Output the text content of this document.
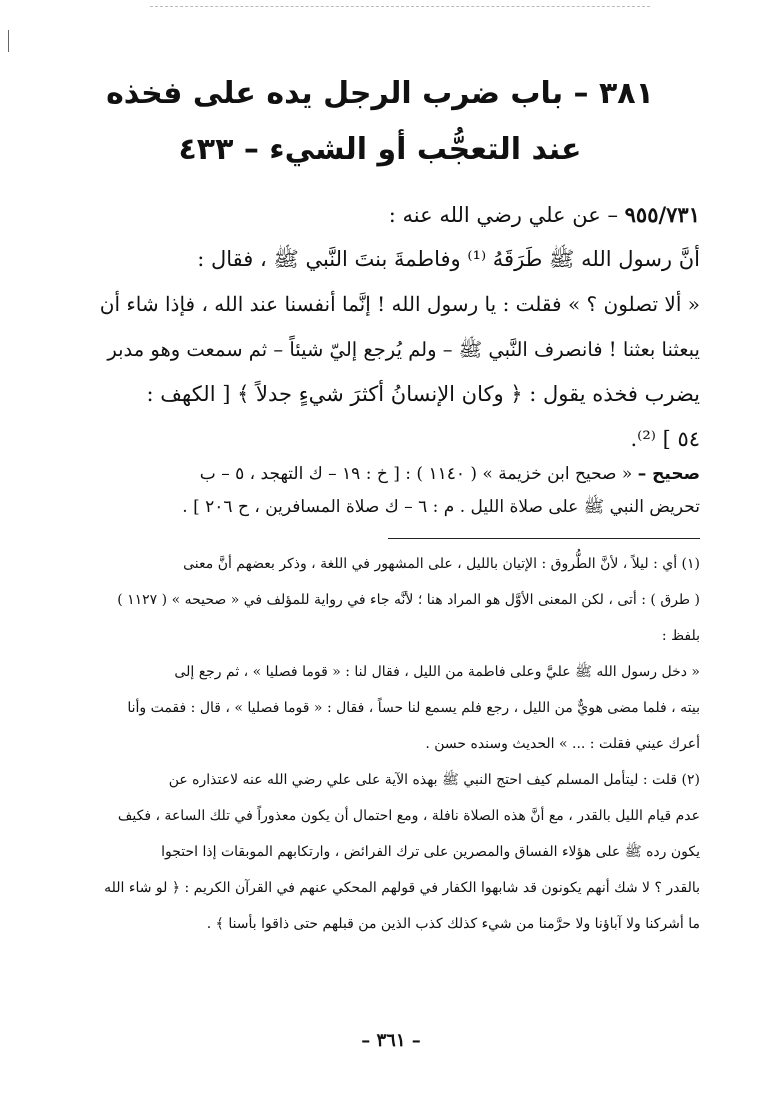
٣٨١ – باب ضرب الرجل يده على فخذه
عند التعجُّب أو الشيء – ٤٣٣
٩٥٥/٧٣١ – عن علي رضي الله عنه :
أنَّ رسول الله ﷺ طَرَقَهُ ⁽¹⁾ وفاطمةَ بنتَ النَّبي ﷺ ، فقال :
« ألا تصلون ؟ » فقلت : يا رسول الله ! إنَّما أنفسنا عند الله ، فإذا شاء أن
يبعثنا بعثنا ! فانصرف النَّبي ﷺ – ولم يُرجع إليّ شيئاً – ثم سمعت وهو مدبر
يضرب فخذه يقول : ﴿ وكان الإنسانُ أكثرَ شيءٍ جدلاً ﴾ [ الكهف :
٥٤ ] ⁽²⁾.
صحيح – « صحيح ابن خزيمة » ( ١١٤٠ ) : [ خ : ١٩ – ك التهجد ، ٥ – ب
تحريض النبي ﷺ على صلاة الليل . م : ٦ – ك صلاة المسافرين ، ح ٢٠٦ ] .
(١) أي : ليلاً ، لأنَّ الطُّروق : الإتيان بالليل ، على المشهور في اللغة ، وذكر بعضهم أنَّ معنى
( طرق ) : أتى ، لكن المعنى الأوَّل هو المراد هنا ؛ لأنَّه جاء في رواية للمؤلف في « صحيحه » ( ١١٢٧ )
بلفظ :
« دخل رسول الله ﷺ عليَّ وعلى فاطمة من الليل ، فقال لنا : « قوما فصليا » ، ثم رجع إلى
بيته ، فلما مضى هويٌّ من الليل ، رجع فلم يسمع لنا حساً ، فقال : « قوما فصليا » ، قال : فقمت وأنا
أعرك عيني فقلت : ... » الحديث وسنده حسن .
(٢) قلت : ليتأمل المسلم كيف احتج النبي ﷺ بهذه الآية على علي رضي الله عنه لاعتذاره عن
عدم قيام الليل بالقدر ، مع أنَّ هذه الصلاة نافلة ، ومع احتمال أن يكون معذوراً في تلك الساعة ، فكيف
يكون رده ﷺ على هؤلاء الفساق والمصرين على ترك الفرائض ، وارتكابهم الموبقات إذا احتجوا
بالقدر ؟ لا شك أنهم يكونون قد شابهوا الكفار في قولهم المحكي عنهم في القرآن الكريم : ﴿ لو شاء الله
ما أشركنا ولا آباؤنا ولا حرَّمنا من شيء كذلك كذب الذين من قبلهم حتى ذاقوا بأسنا ﴾ .
– ٣٦١ –
